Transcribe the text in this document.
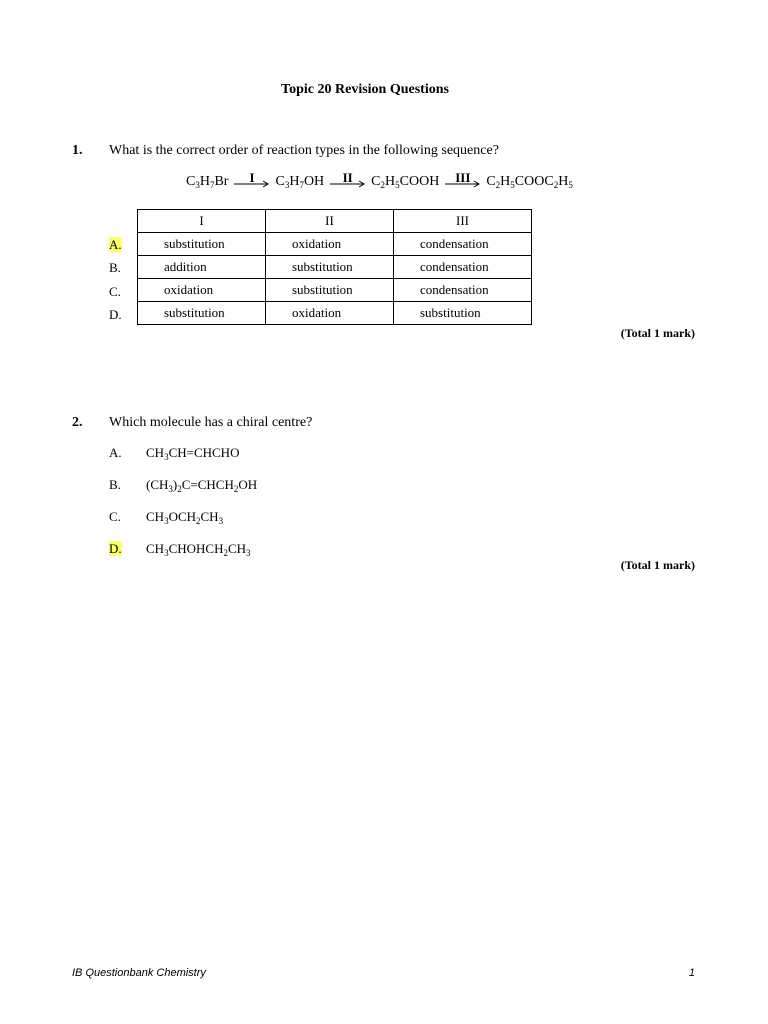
Topic 20 Revision Questions
1. What is the correct order of reaction types in the following sequence?
$C_3H_7Br$	I	$C_3H_7OH$	II	$C_2H_5COOH$	III	$C_2H_5COOC_2H_5$
I	II	III
substitution	oxidation	condensation
addition	substitution	condensation
oxidation	substitution	condensation
substitution	oxidation	substitution
A.
B.
C.
D.
(Total 1 mark)
2. Which molecule has a chiral centre?
A. $CH_3CH=CHCHO$
B. $(CH_3)_2C=CHCH_2OH$
C. $CH_3OCH_2CH_3$
D. $CH_3CHOHCH_2CH_3$
(Total 1 mark)
IB Questionbank Chemistry	1
